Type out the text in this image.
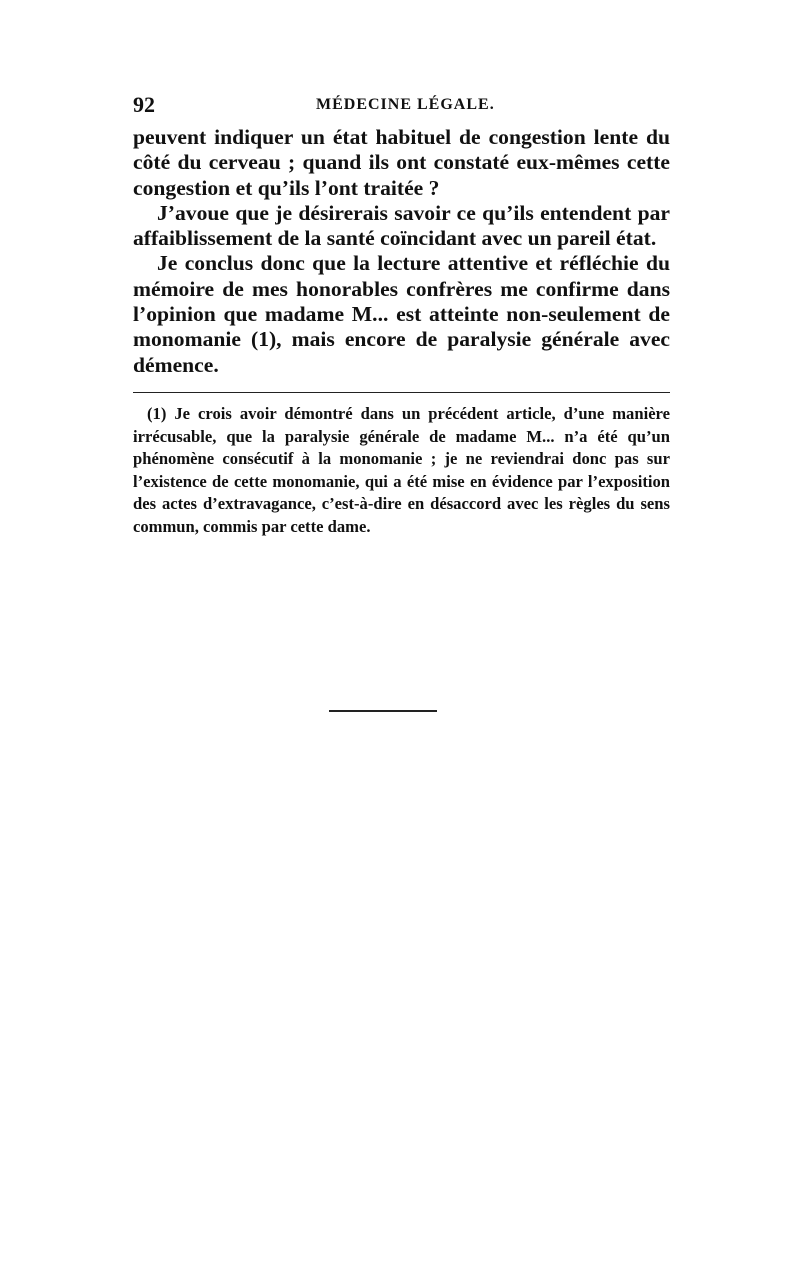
92	MÉDECINE LÉGALE.

peuvent indiquer un état habituel de congestion lente du côté du cerveau ; quand ils ont constaté eux-mêmes cette congestion et qu’ils l’ont traitée ?

J’avoue que je désirerais savoir ce qu’ils entendent par affaiblissement de la santé coïncidant avec un pareil état.

Je conclus donc que la lecture attentive et réfléchie du mémoire de mes honorables confrères me confirme dans l’opinion que madame M... est atteinte non-seulement de monomanie (1), mais encore de paralysie générale avec démence.

(1) Je crois avoir démontré dans un précédent article, d’une manière irrécusable, que la paralysie générale de madame M... n’a été qu’un phénomène consécutif à la monomanie ; je ne reviendrai donc pas sur l’existence de cette monomanie, qui a été mise en évidence par l’exposition des actes d’extravagance, c’est-à-dire en désaccord avec les règles du sens commun, commis par cette dame.
